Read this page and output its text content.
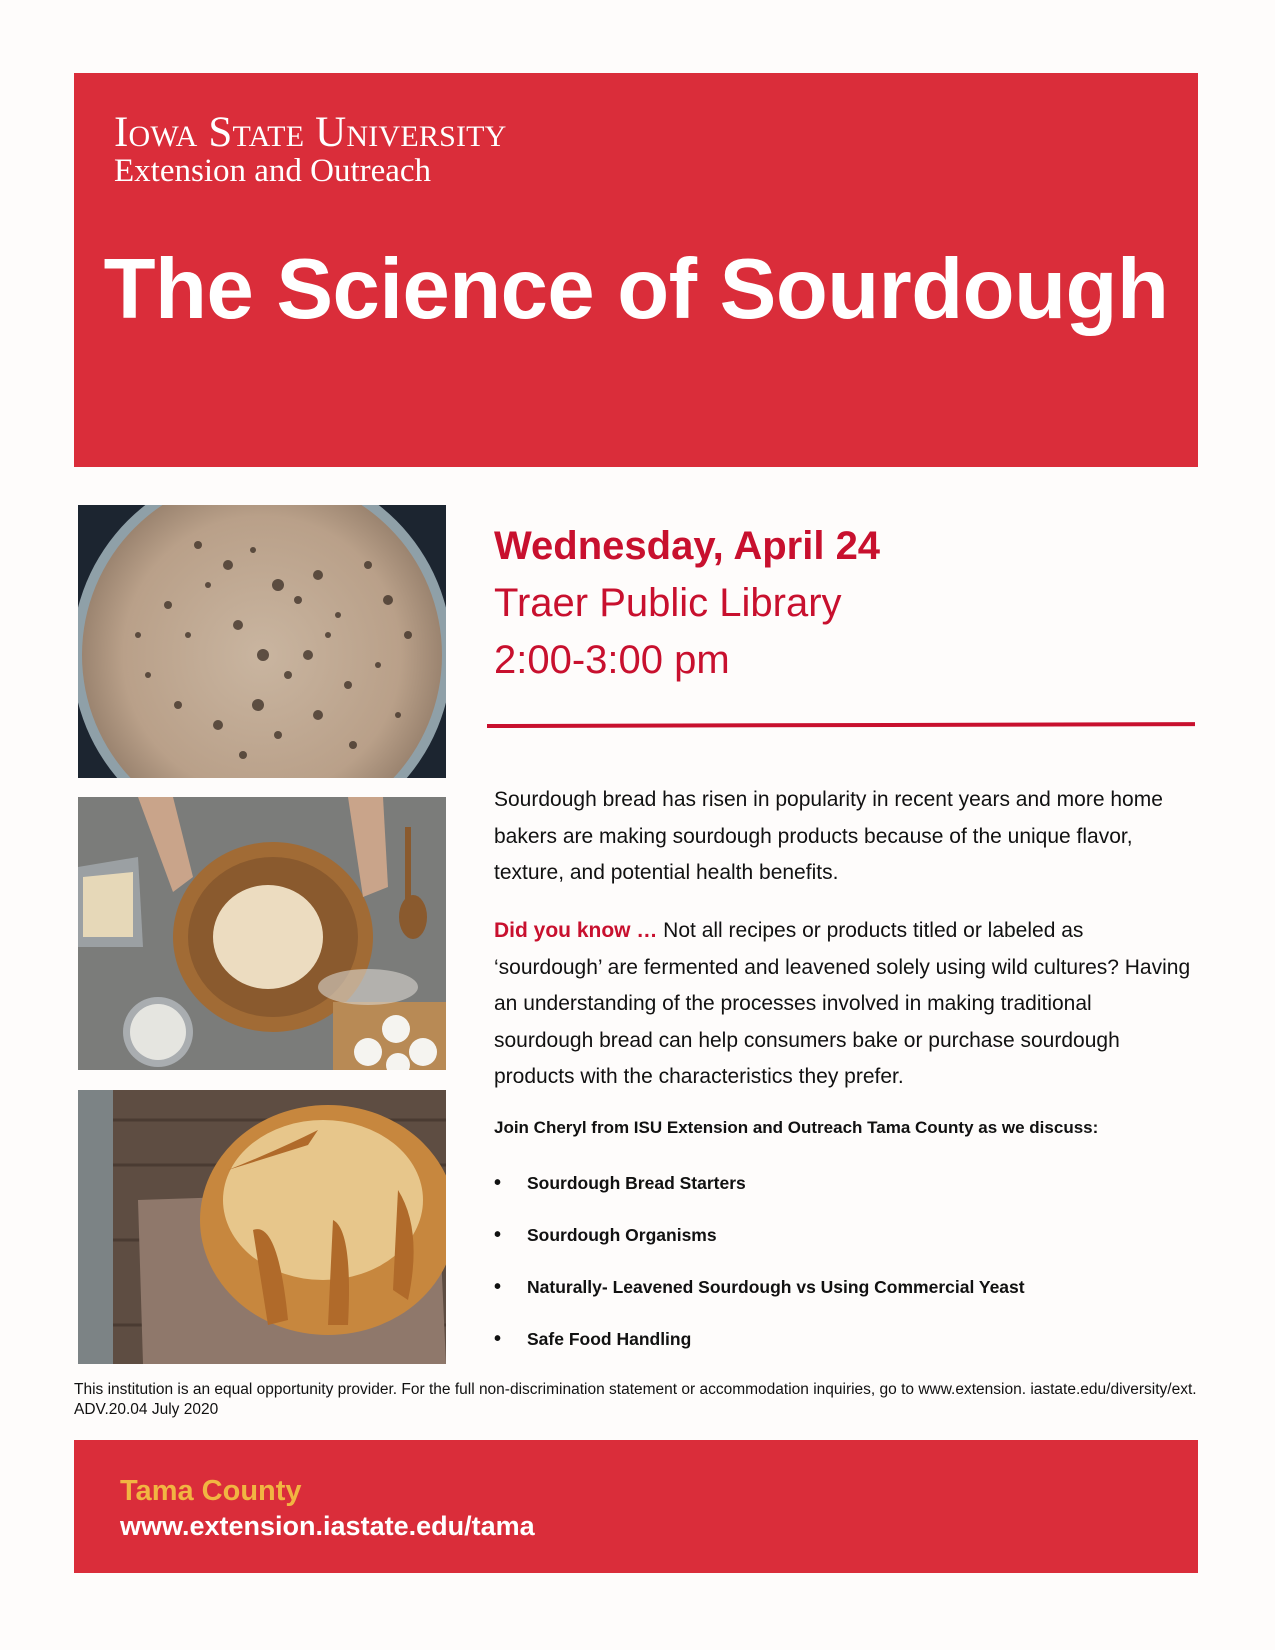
Iowa State University
Extension and Outreach
The Science of Sourdough
Wednesday, April 24
Traer Public Library
2:00-3:00 pm
Sourdough bread has risen in popularity in recent years and more home bakers are making sourdough products because of the unique flavor, texture, and potential health benefits.
Did you know … Not all recipes or products titled or labeled as ‘sourdough’ are fermented and leavened solely using wild cultures? Having an understanding of the processes involved in making traditional sourdough bread can help consumers bake or purchase sourdough products with the characteristics they prefer.
Join Cheryl from ISU Extension and Outreach Tama County as we discuss:
•	Sourdough Bread Starters
•	Sourdough Organisms
•	Naturally- Leavened Sourdough vs Using Commercial Yeast
•	Safe Food Handling
This institution is an equal opportunity provider. For the full non-discrimination statement or accommodation inquiries, go to www.extension. iastate.edu/diversity/ext. ADV.20.04 July 2020
Tama County
www.extension.iastate.edu/tama
